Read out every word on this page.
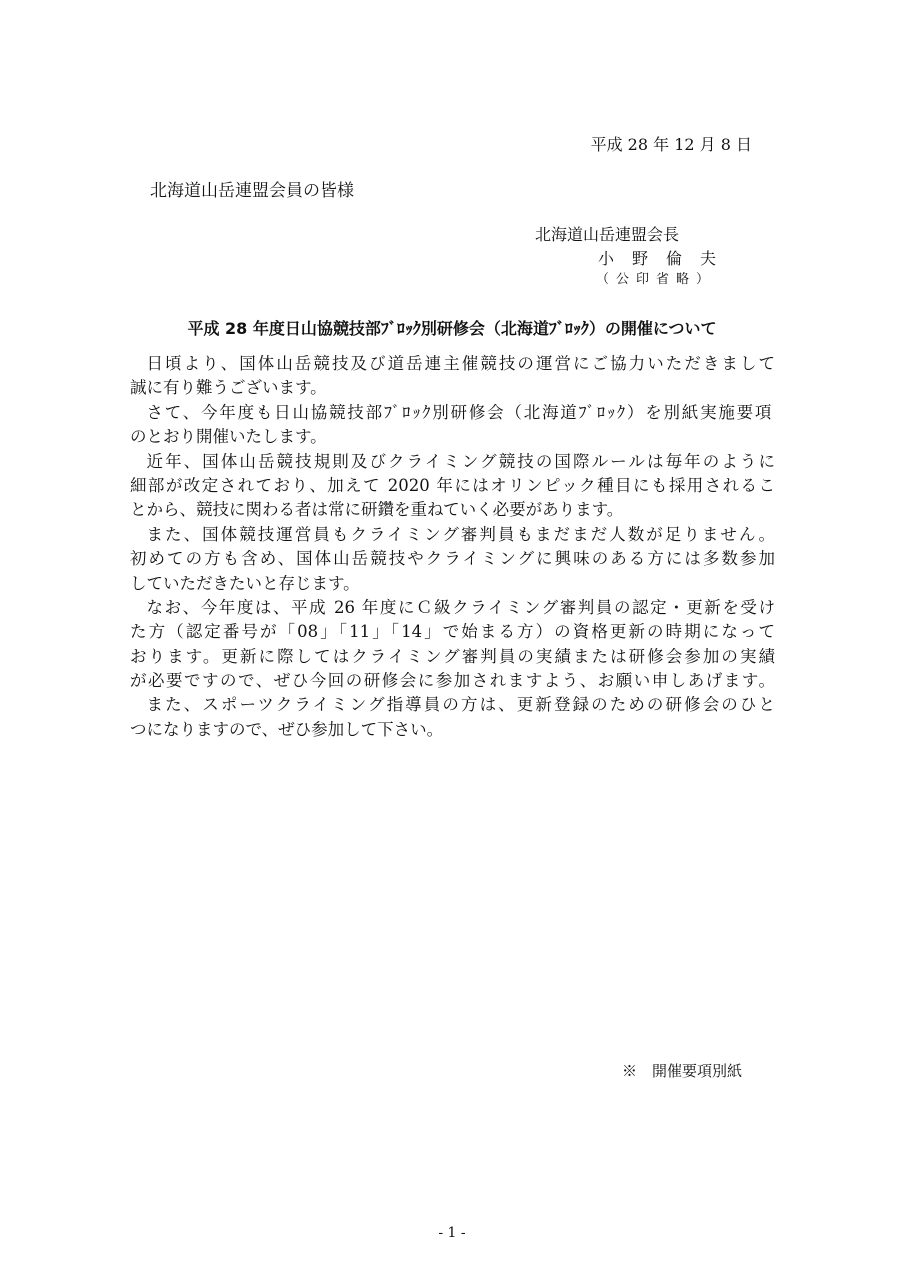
平成 28 年 12 月 8 日
北海道山岳連盟会員の皆様
北海道山岳連盟会長
小野倫夫
（公印省略）
平成 28 年度日山協競技部ﾌﾞﾛｯｸ別研修会（北海道ﾌﾞﾛｯｸ）の開催について
日頃より、国体山岳競技及び道岳連主催競技の運営にご協力いただきまして
誠に有り難うございます。
さて、今年度も日山協競技部ﾌﾞﾛｯｸ別研修会（北海道ﾌﾞﾛｯｸ）を別紙実施要項
のとおり開催いたします。
近年、国体山岳競技規則及びクライミング競技の国際ルールは毎年のように
細部が改定されており、加えて 2020 年にはオリンピック種目にも採用されるこ
とから、競技に関わる者は常に研鑽を重ねていく必要があります。
また、国体競技運営員もクライミング審判員もまだまだ人数が足りません。
初めての方も含め、国体山岳競技やクライミングに興味のある方には多数参加
していただきたいと存じます。
なお、今年度は、平成 26 年度にＣ級クライミング審判員の認定・更新を受け
た方（認定番号が「08」「11」「14」で始まる方）の資格更新の時期になって
おります。更新に際してはクライミング審判員の実績または研修会参加の実績
が必要ですので、ぜひ今回の研修会に参加されますよう、お願い申しあげます。
また、スポーツクライミング指導員の方は、更新登録のための研修会のひと
つになりますので、ぜひ参加して下さい。
※　開催要項別紙
- 1 -
